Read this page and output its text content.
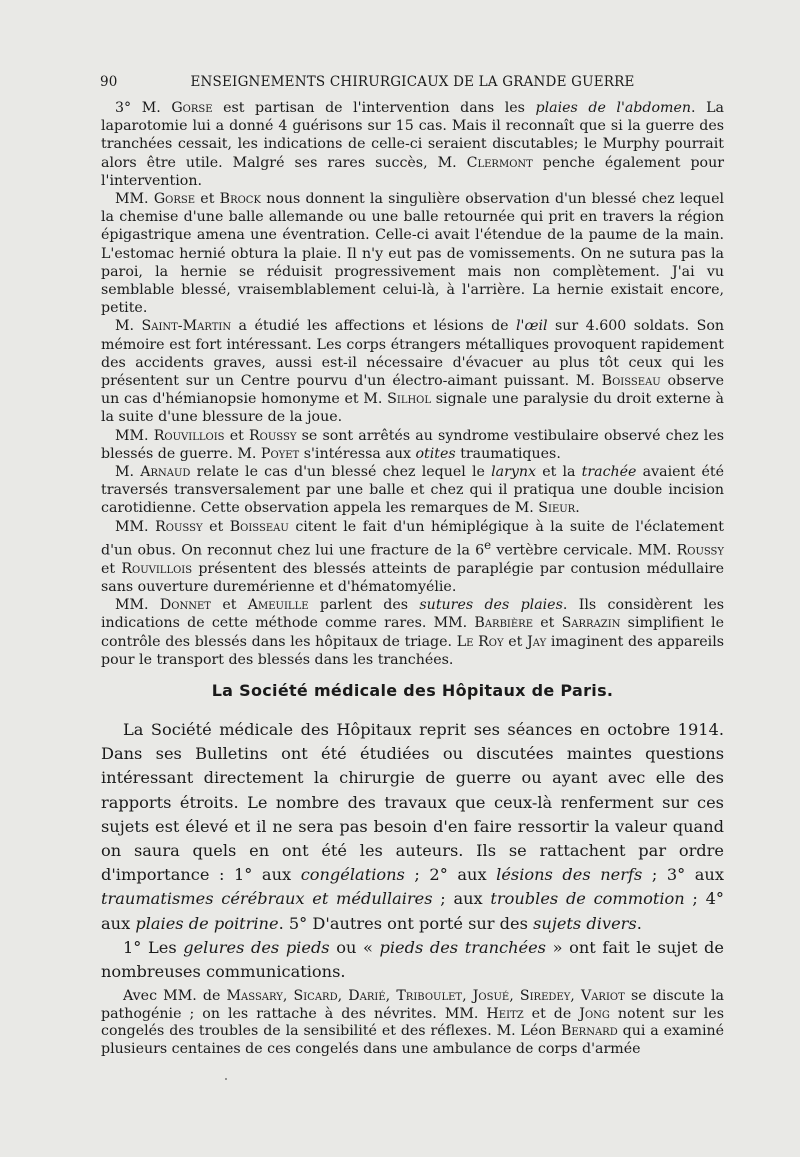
90	ENSEIGNEMENTS CHIRURGICAUX DE LA GRANDE GUERRE

3° M. Gorse est partisan de l'intervention dans les plaies de l'abdomen. La laparotomie lui a donné 4 guérisons sur 15 cas. Mais il reconnaît que si la guerre des tranchées cessait, les indications de celle-ci seraient discutables; le Murphy pourrait alors être utile. Malgré ses rares succès, M. Clermont penche également pour l'intervention.

MM. Gorse et Brock nous donnent la singulière observation d'un blessé chez lequel la chemise d'une balle allemande ou une balle retournée qui prit en travers la région épigastrique amena une éventration. Celle-ci avait l'étendue de la paume de la main. L'estomac hernié obtura la plaie. Il n'y eut pas de vomissements. On ne sutura pas la paroi, la hernie se réduisit progressivement mais non complètement. J'ai vu semblable blessé, vraisemblablement celui-là, à l'arrière. La hernie existait encore, petite.

M. Saint-Martin a étudié les affections et lésions de l'œil sur 4.600 soldats. Son mémoire est fort intéressant. Les corps étrangers métalliques provoquent rapidement des accidents graves, aussi est-il nécessaire d'évacuer au plus tôt ceux qui les présentent sur un Centre pourvu d'un électro-aimant puissant. M. Boisseau observe un cas d'hémianopsie homonyme et M. Silhol signale une paralysie du droit externe à la suite d'une blessure de la joue.

MM. Rouvillois et Roussy se sont arrêtés au syndrome vestibulaire observé chez les blessés de guerre. M. Poyet s'intéressa aux otites traumatiques.

M. Arnaud relate le cas d'un blessé chez lequel le larynx et la trachée avaient été traversés transversalement par une balle et chez qui il pratiqua une double incision carotidienne. Cette observation appela les remarques de M. Sieur.

MM. Roussy et Boisseau citent le fait d'un hémiplégique à la suite de l'éclatement d'un obus. On reconnut chez lui une fracture de la 6e vertèbre cervicale. MM. Roussy et Rouvillois présentent des blessés atteints de paraplégie par contusion médullaire sans ouverture duremérienne et d'hématomyélie.

MM. Donnet et Ameuille parlent des sutures des plaies. Ils considèrent les indications de cette méthode comme rares. MM. Barbière et Sarrazin simplifient le contrôle des blessés dans les hôpitaux de triage. Le Roy et Jay imaginent des appareils pour le transport des blessés dans les tranchées.

La Société médicale des Hôpitaux de Paris.

La Société médicale des Hôpitaux reprit ses séances en octobre 1914. Dans ses Bulletins ont été étudiées ou discutées maintes questions intéressant directement la chirurgie de guerre ou ayant avec elle des rapports étroits. Le nombre des travaux que ceux-là renferment sur ces sujets est élevé et il ne sera pas besoin d'en faire ressortir la valeur quand on saura quels en ont été les auteurs. Ils se rattachent par ordre d'importance : 1° aux congélations ; 2° aux lésions des nerfs ; 3° aux traumatismes cérébraux et médullaires ; aux troubles de commotion ; 4° aux plaies de poitrine. 5° D'autres ont porté sur des sujets divers.

1° Les gelures des pieds ou « pieds des tranchées » ont fait le sujet de nombreuses communications.

Avec MM. de Massary, Sicard, Darié, Triboulet, Josué, Siredey, Variot se discute la pathogénie ; on les rattache à des névrites. MM. Heitz et de Jong notent sur les congelés des troubles de la sensibilité et des réflexes. M. Léon Bernard qui a examiné plusieurs centaines de ces congelés dans une ambulance de corps d'armée
